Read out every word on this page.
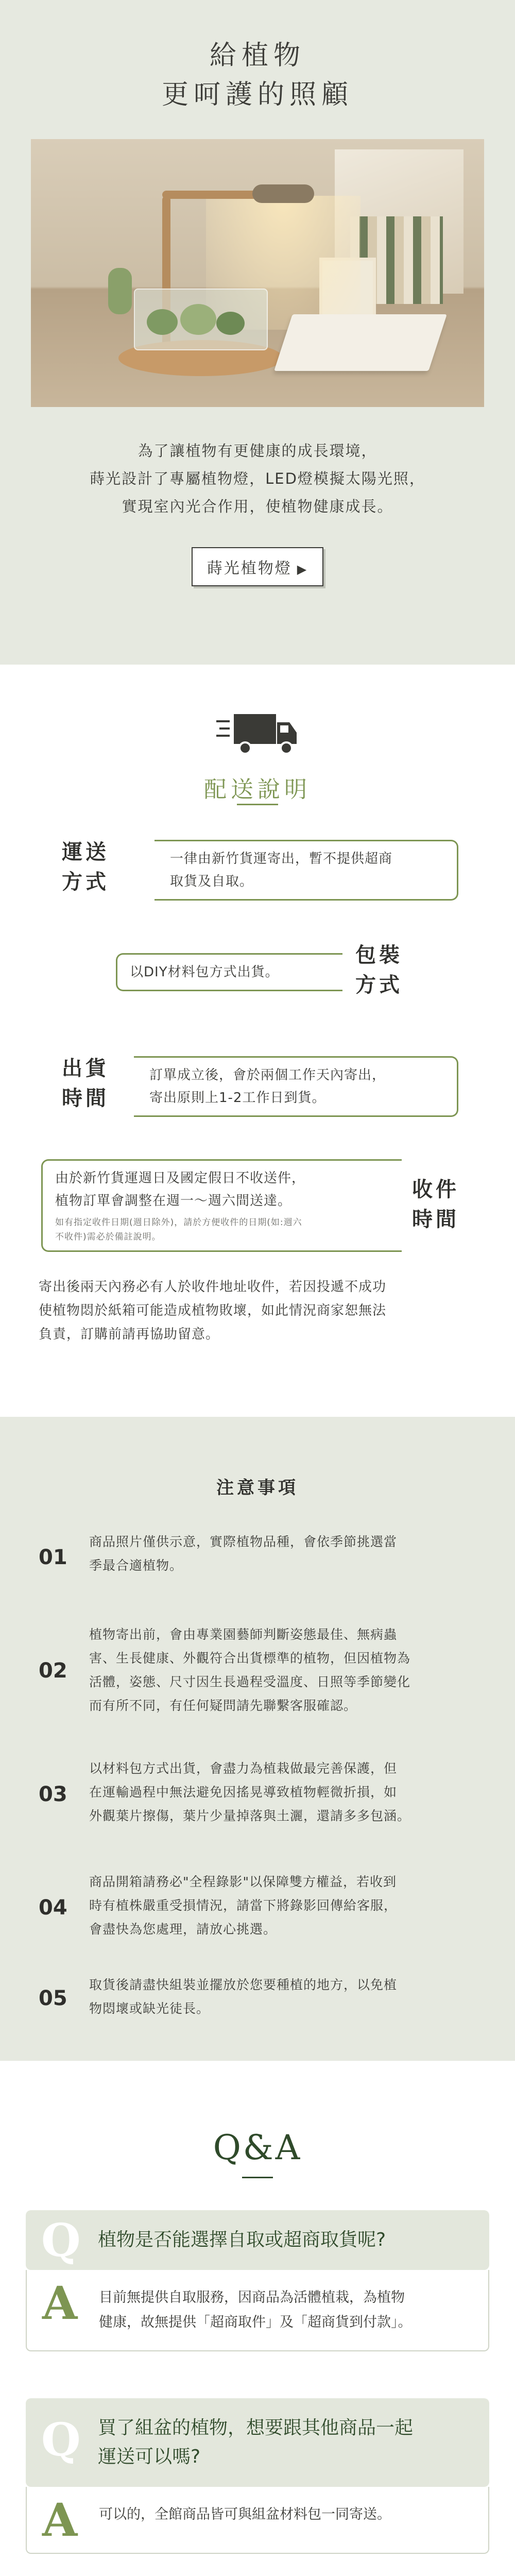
給植物
更呵護的照顧

為了讓植物有更健康的成長環境，
蒔光設計了專屬植物燈，LED燈模擬太陽光照，
實現室內光合作用，使植物健康成長。

蒔光植物燈 ▶
配送說明
運送
方式
一律由新竹貨運寄出，暫不提供超商
取貨及自取。
以DIY材料包方式出貨。
包裝
方式
出貨
時間
訂單成立後，會於兩個工作天內寄出，
寄出原則上1-2工作日到貨。
由於新竹貨運週日及國定假日不收送件，
植物訂單會調整在週一～週六間送達。
如有指定收件日期(週日除外)，請於方便收件的日期(如:週六
不收件)需必於備註說明。
收件
時間
寄出後兩天內務必有人於收件地址收件，若因投遞不成功
使植物悶於紙箱可能造成植物敗壞，如此情況商家恕無法
負責，訂購前請再協助留意。
注意事項
01
商品照片僅供示意，實際植物品種，會依季節挑選當
季最合適植物。
02
植物寄出前，會由專業園藝師判斷姿態最佳、無病蟲
害、生長健康、外觀符合出貨標準的植物，但因植物為
活體，姿態、尺寸因生長過程受溫度、日照等季節變化
而有所不同，有任何疑問請先聯繫客服確認。
03
以材料包方式出貨，會盡力為植栽做最完善保護，但
在運輸過程中無法避免因搖晃導致植物輕微折損，如
外觀葉片擦傷，葉片少量掉落與土灑，還請多多包涵。
04
商品開箱請務必"全程錄影"以保障雙方權益，若收到
時有植株嚴重受損情況，請當下將錄影回傳給客服，
會盡快為您處理，請放心挑選。
05
取貨後請盡快組裝並擺放於您要種植的地方，以免植
物悶壞或缺光徒長。
Q&A
Q 植物是否能選擇自取或超商取貨呢?
A 目前無提供自取服務，因商品為活體植栽，為植物
健康，故無提供「超商取件」及「超商貨到付款」。
Q 買了組盆的植物，想要跟其他商品一起
運送可以嗎?
A 可以的，全館商品皆可與組盆材料包一同寄送。
